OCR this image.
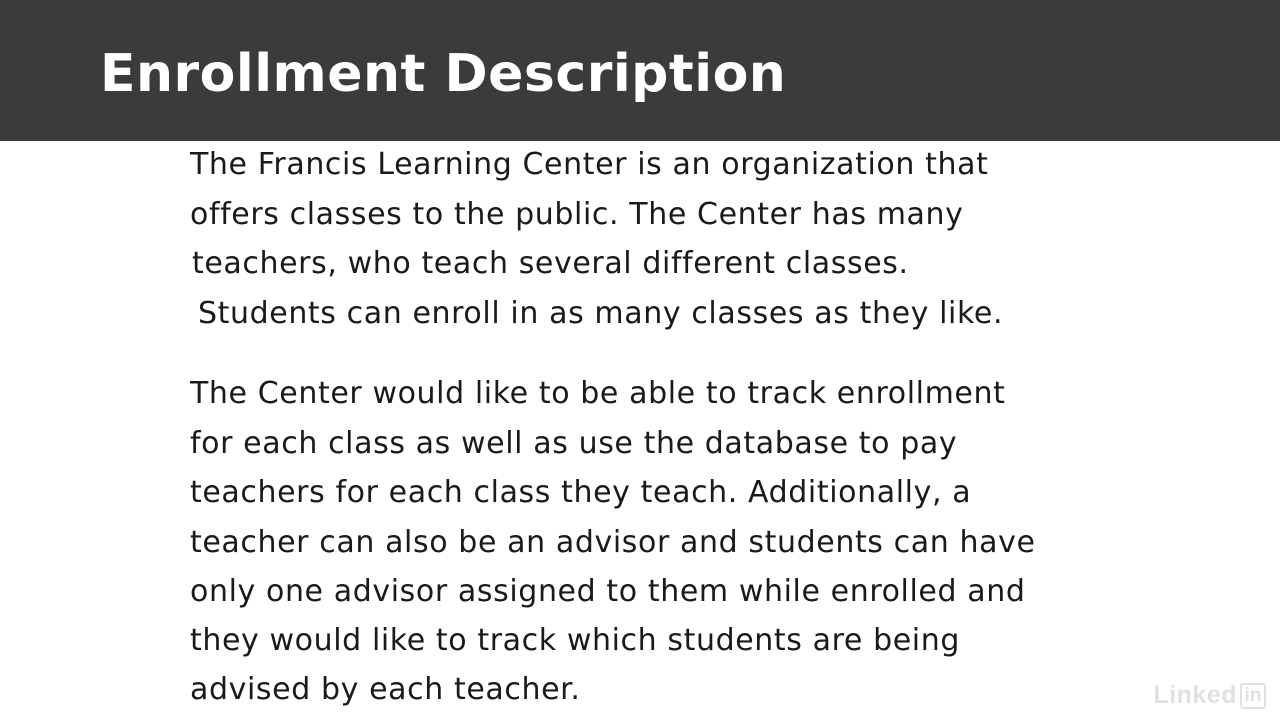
Enrollment Description

The Francis Learning Center is an organization that

offers classes to the public. The Center has many

teachers, who teach several different classes.

Students can enroll in as many classes as they like.

The Center would like to be able to track enrollment

for each class as well as use the database to pay

teachers for each class they teach. Additionally, a

teacher can also be an advisor and students can have

only one advisor assigned to them while enrolled and

they would like to track which students are being

advised by each teacher.	Linked in
